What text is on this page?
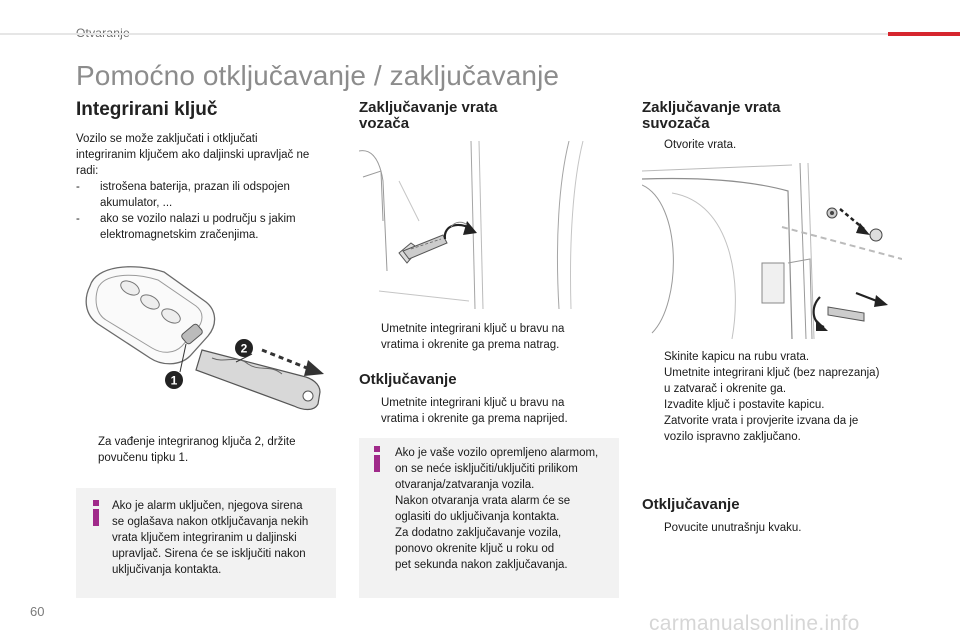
Pomoćno otključavanje / zaključavanje
Integrirani ključ
Vozilo se može zaključati i otključati
integriranim ključem ako daljinski upravljač ne
radi:
- istrošena baterija, prazan ili odspojen
akumulator, ...
- ako se vozilo nalazi u području s jakim
elektromagnetskim zračenjima.
1
2
Za vađenje integriranog ključa 2, držite
povučenu tipku 1.
Ako je alarm uključen, njegova sirena
se oglašava nakon otključavanja nekih
vrata ključem integriranim u daljinski
upravljač. Sirena će se isključiti nakon
uključivanja kontakta.
Zaključavanje vrata
vozača
Umetnite integrirani ključ u bravu na
vratima i okrenite ga prema natrag.
Otključavanje
Umetnite integrirani ključ u bravu na
vratima i okrenite ga prema naprijed.
Ako je vaše vozilo opremljeno alarmom,
on se neće isključiti/uključiti prilikom
otvaranja/zatvaranja vozila.
Nakon otvaranja vrata alarm će se
oglasiti do uključivanja kontakta.
Za dodatno zaključavanje vozila,
ponovo okrenite ključ u roku od
pet sekunda nakon zaključavanja.
Zaključavanje vrata
suvozača
Otvorite vrata.
Skinite kapicu na rubu vrata.
Umetnite integrirani ključ (bez naprezanja)
u zatvarač i okrenite ga.
Izvadite ključ i postavite kapicu.
Zatvorite vrata i provjerite izvana da je
vozilo ispravno zaključano.
Otključavanje
Povucite unutrašnju kvaku.
60
carmanualsonline.info
